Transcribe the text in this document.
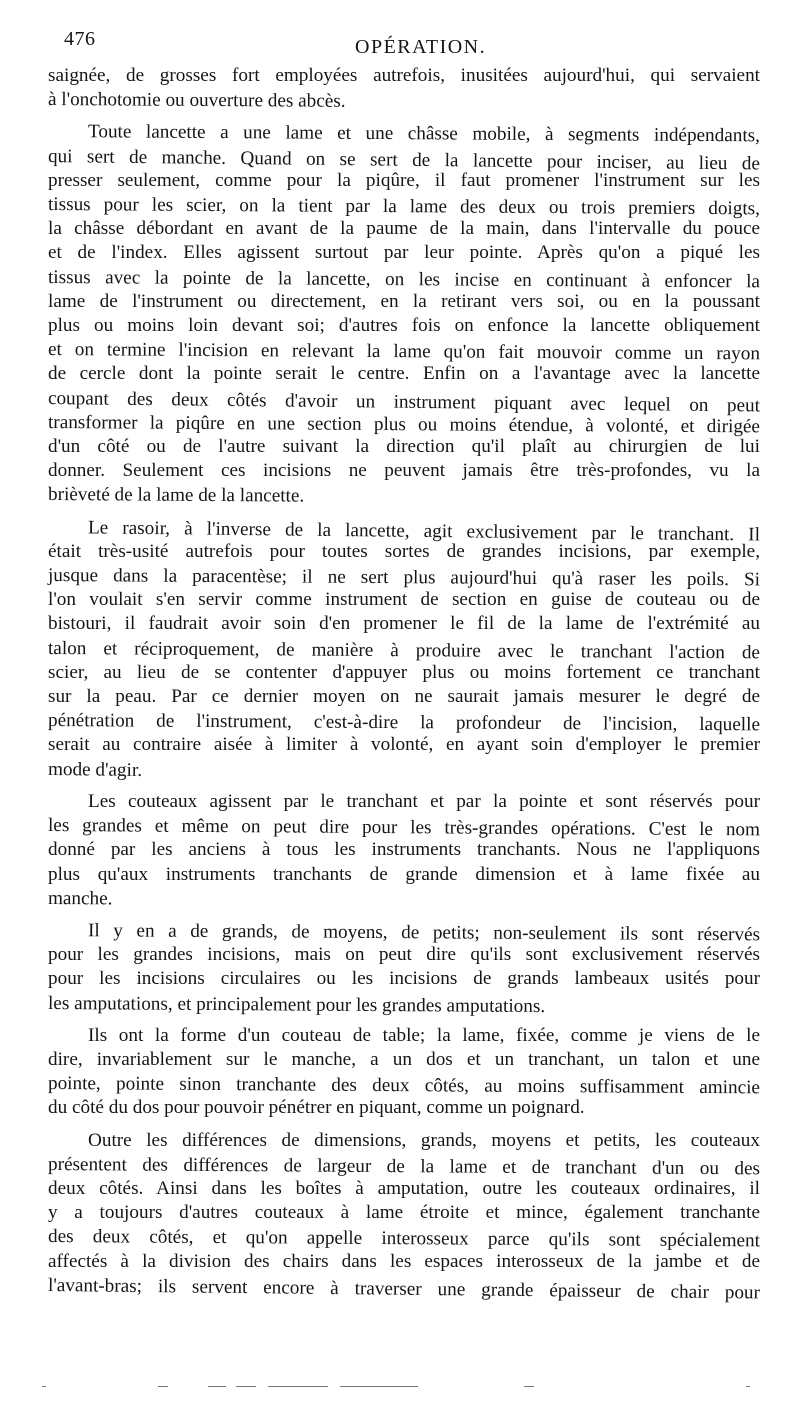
476	OPÉRATION.
saignée, de grosses fort employées autrefois, inusitées aujourd'hui, qui servaient
à l'onchotomie ou ouverture des abcès.
Toute lancette a une lame et une châsse mobile, à segments indépendants,
qui sert de manche. Quand on se sert de la lancette pour inciser, au lieu de
presser seulement, comme pour la piqûre, il faut promener l'instrument sur les
tissus pour les scier, on la tient par la lame des deux ou trois premiers doigts,
la châsse débordant en avant de la paume de la main, dans l'intervalle du pouce
et de l'index. Elles agissent surtout par leur pointe. Après qu'on a piqué les
tissus avec la pointe de la lancette, on les incise en continuant à enfoncer la
lame de l'instrument ou directement, en la retirant vers soi, ou en la poussant
plus ou moins loin devant soi; d'autres fois on enfonce la lancette obliquement
et on termine l'incision en relevant la lame qu'on fait mouvoir comme un rayon
de cercle dont la pointe serait le centre. Enfin on a l'avantage avec la lancette
coupant des deux côtés d'avoir un instrument piquant avec lequel on peut
transformer la piqûre en une section plus ou moins étendue, à volonté, et dirigée
d'un côté ou de l'autre suivant la direction qu'il plaît au chirurgien de lui
donner. Seulement ces incisions ne peuvent jamais être très-profondes, vu la
brièveté de la lame de la lancette.
Le rasoir, à l'inverse de la lancette, agit exclusivement par le tranchant. Il
était très-usité autrefois pour toutes sortes de grandes incisions, par exemple,
jusque dans la paracentèse; il ne sert plus aujourd'hui qu'à raser les poils. Si
l'on voulait s'en servir comme instrument de section en guise de couteau ou de
bistouri, il faudrait avoir soin d'en promener le fil de la lame de l'extrémité au
talon et réciproquement, de manière à produire avec le tranchant l'action de
scier, au lieu de se contenter d'appuyer plus ou moins fortement ce tranchant
sur la peau. Par ce dernier moyen on ne saurait jamais mesurer le degré de
pénétration de l'instrument, c'est-à-dire la profondeur de l'incision, laquelle
serait au contraire aisée à limiter à volonté, en ayant soin d'employer le premier
mode d'agir.
Les couteaux agissent par le tranchant et par la pointe et sont réservés pour
les grandes et même on peut dire pour les très-grandes opérations. C'est le nom
donné par les anciens à tous les instruments tranchants. Nous ne l'appliquons
plus qu'aux instruments tranchants de grande dimension et à lame fixée au
manche.
Il y en a de grands, de moyens, de petits; non-seulement ils sont réservés
pour les grandes incisions, mais on peut dire qu'ils sont exclusivement réservés
pour les incisions circulaires ou les incisions de grands lambeaux usités pour
les amputations, et principalement pour les grandes amputations.
Ils ont la forme d'un couteau de table; la lame, fixée, comme je viens de le
dire, invariablement sur le manche, a un dos et un tranchant, un talon et une
pointe, pointe sinon tranchante des deux côtés, au moins suffisamment amincie
du côté du dos pour pouvoir pénétrer en piquant, comme un poignard.
Outre les différences de dimensions, grands, moyens et petits, les couteaux
présentent des différences de largeur de la lame et de tranchant d'un ou des
deux côtés. Ainsi dans les boîtes à amputation, outre les couteaux ordinaires, il
y a toujours d'autres couteaux à lame étroite et mince, également tranchante
des deux côtés, et qu'on appelle interosseux parce qu'ils sont spécialement
affectés à la division des chairs dans les espaces interosseux de la jambe et de
l'avant-bras; ils servent encore à traverser une grande épaisseur de chair pour
